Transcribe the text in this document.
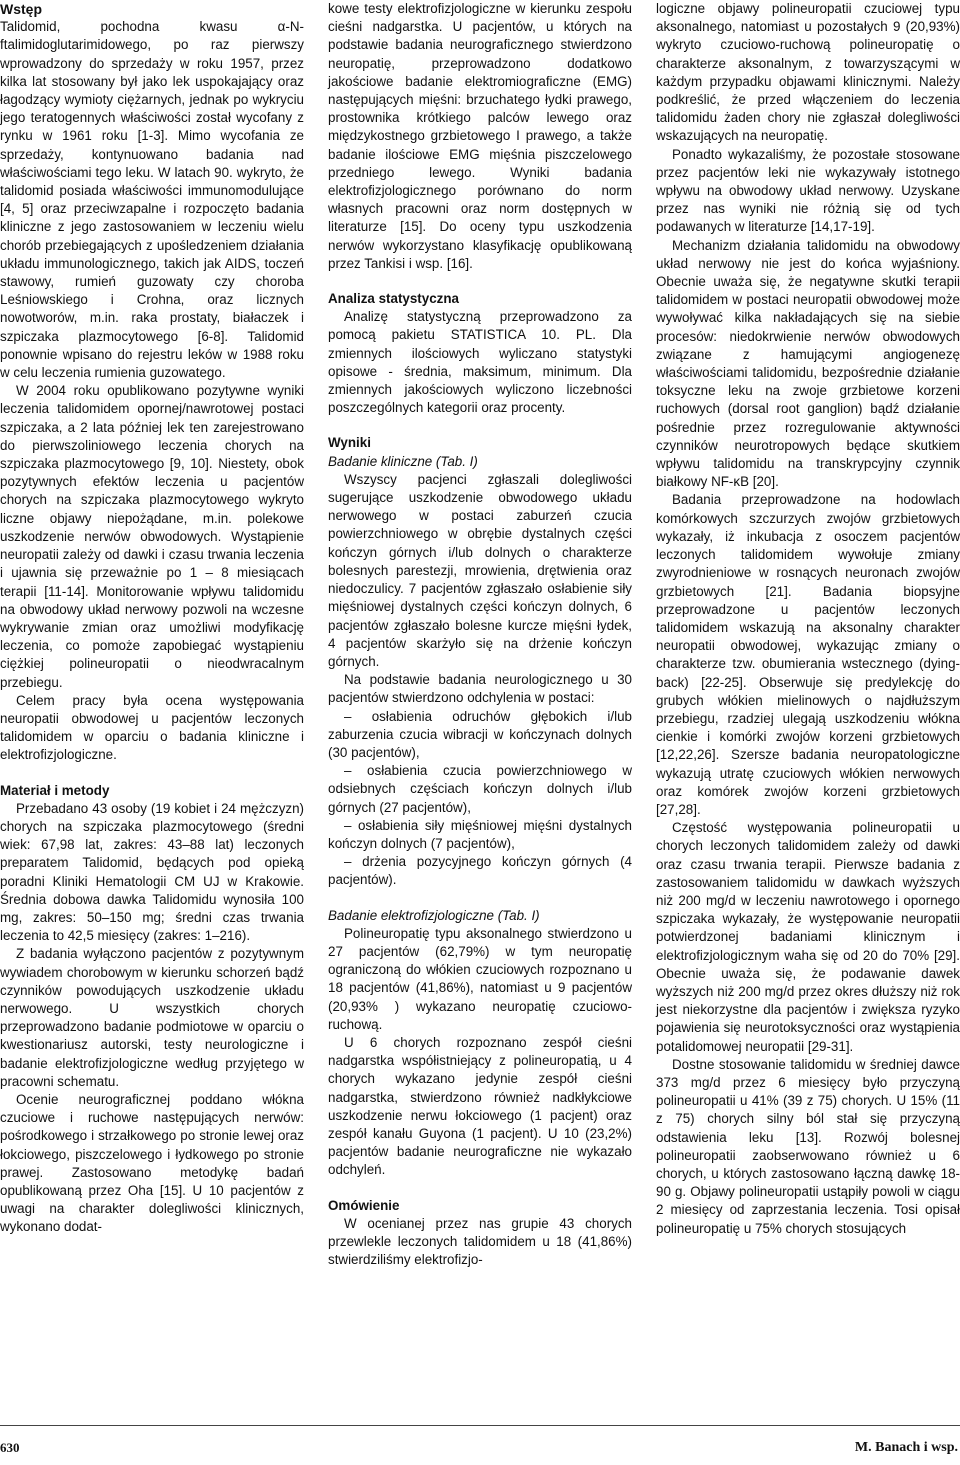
Wstęp

Talidomid, pochodna kwasu α-N-ftalimidoglutarimidowego, po raz pierwszy wprowadzony do sprzedaży w roku 1957, przez kilka lat stosowany był jako lek uspokajający oraz łagodzący wymioty ciężarnych, jednak po wykryciu jego teratogennych właściwości został wycofany z rynku w 1961 roku [1-3]. Mimo wycofania ze sprzedaży, kontynuowano badania nad właściwościami tego leku. W latach 90. wykryto, że talidomid posiada właściwości immunomodulujące [4, 5] oraz przeciwzapalne i rozpoczęto badania kliniczne z jego zastosowaniem w leczeniu wielu chorób przebiegających z upośledzeniem działania układu immunologicznego, takich jak AIDS, toczeń stawowy, rumień guzowaty czy choroba Leśniowskiego i Crohna, oraz licznych nowotworów, m.in. raka prostaty, białaczek i szpiczaka plazmocytowego [6-8]. Talidomid ponownie wpisano do rejestru leków w 1988 roku w celu leczenia rumienia guzowatego.

W 2004 roku opublikowano pozytywne wyniki leczenia talidomidem opornej/nawrotowej postaci szpiczaka, a 2 lata później lek ten zarejestrowano do pierwszoliniowego leczenia chorych na szpiczaka plazmocytowego [9, 10]. Niestety, obok pozytywnych efektów leczenia u pacjentów chorych na szpiczaka plazmocytowego wykryto liczne objawy niepożądane, m.in. polekowe uszkodzenie nerwów obwodowych. Wystąpienie neuropatii zależy od dawki i czasu trwania leczenia i ujawnia się przeważnie po 1 – 8 miesiącach terapii [11-14]. Monitorowanie wpływu talidomidu na obwodowy układ nerwowy pozwoli na wczesne wykrywanie zmian oraz umożliwi modyfikację leczenia, co pomoże zapobiegać wystąpieniu ciężkiej polineuropatii o nieodwracalnym przebiegu.

Celem pracy była ocena występowania neuropatii obwodowej u pacjentów leczonych talidomidem w oparciu o badania kliniczne i elektrofizjologiczne.

Materiał i metody

Przebadano 43 osoby (19 kobiet i 24 mężczyzn) chorych na szpiczaka plazmocytowego (średni wiek: 67,98 lat, zakres: 43–88 lat) leczonych preparatem Talidomid, będących pod opieką poradni Kliniki Hematologii CM UJ w Krakowie. Średnia dobowa dawka Talidomidu wynosiła 100 mg, zakres: 50–150 mg; średni czas trwania leczenia to 42,5 miesięcy (zakres: 1–216).

Z badania wyłączono pacjentów z pozytywnym wywiadem chorobowym w kierunku schorzeń bądź czynników powodujących uszkodzenie układu nerwowego. U wszystkich chorych przeprowadzono badanie podmiotowe w oparciu o kwestionariusz autorski, testy neurologiczne i badanie elektrofizjologiczne według przyjętego w pracowni schematu.

Ocenie neurograficznej poddano włókna czuciowe i ruchowe następujących nerwów: pośrodkowego i strzałkowego po stronie lewej oraz łokciowego, piszczelowego i łydkowego po stronie prawej. Zastosowano metodykę badań opublikowaną przez Oha [15]. U 10 pacjentów z uwagi na charakter dolegliwości klinicznych, wykonano dodat-

kowe testy elektrofizjologiczne w kierunku zespołu cieśni nadgarstka. U pacjentów, u których na podstawie badania neurograficznego stwierdzono neuropatię, przeprowadzono dodatkowo jakościowe badanie elektromiograficzne (EMG) następujących mięśni: brzuchatego łydki prawego, prostownika krótkiego palców lewego oraz międzykostnego grzbietowego I prawego, a także badanie ilościowe EMG mięśnia piszczelowego przedniego lewego. Wyniki badania elektrofizjologicznego porównano do norm własnych pracowni oraz norm dostępnych w literaturze [15]. Do oceny typu uszkodzenia nerwów wykorzystano klasyfikację opublikowaną przez Tankisi i wsp. [16].

Analiza statystyczna

Analizę statystyczną przeprowadzono za pomocą pakietu STATISTICA 10. PL. Dla zmiennych ilościowych wyliczano statystyki opisowe - średnia, maksimum, minimum. Dla zmiennych jakościowych wyliczono liczebności poszczególnych kategorii oraz procenty.

Wyniki
Badanie kliniczne (Tab. I)

Wszyscy pacjenci zgłaszali dolegliwości sugerujące uszkodzenie obwodowego układu nerwowego w postaci zaburzeń czucia powierzchniowego w obrębie dystalnych części kończyn górnych i/lub dolnych o charakterze bolesnych parestezji, mrowienia, drętwienia oraz niedoczulicy. 7 pacjentów zgłaszało osłabienie siły mięśniowej dystalnych części kończyn dolnych, 6 pacjentów zgłaszało bolesne kurcze mięśni łydek, 4 pacjentów skarżyło się na drżenie kończyn górnych.

Na podstawie badania neurologicznego u 30 pacjentów stwierdzono odchylenia w postaci:

– osłabienia odruchów głębokich i/lub zaburzenia czucia wibracji w kończynach dolnych (30 pacjentów),

– osłabienia czucia powierzchniowego w odsiebnych częściach kończyn dolnych i/lub górnych (27 pacjentów),

– osłabienia siły mięśniowej mięśni dystalnych kończyn dolnych (7 pacjentów),

– drżenia pozycyjnego kończyn górnych (4 pacjentów).

Badanie elektrofizjologiczne (Tab. I)

Polineuropatię typu aksonalnego stwierdzono u 27 pacjentów (62,79%) w tym neuropatię ograniczoną do włókien czuciowych rozpoznano u 18 pacjentów (41,86%), natomiast u 9 pacjentów (20,93% ) wykazano neuropatię czuciowo-ruchową.

U 6 chorych rozpoznano zespół cieśni nadgarstka współistniejący z polineuropatią, u 4 chorych wykazano jedynie zespół cieśni nadgarstka, stwierdzono również nadkłykciowe uszkodzenie nerwu łokciowego (1 pacjent) oraz zespół kanału Guyona (1 pacjent). U 10 (23,2%) pacjentów badanie neurograficzne nie wykazało odchyleń.

Omówienie

W ocenianej przez nas grupie 43 chorych przewlekle leczonych talidomidem u 18 (41,86%) stwierdziliśmy elektrofizjo-

logiczne objawy polineuropatii czuciowej typu aksonalnego, natomiast u pozostałych 9 (20,93%) wykryto czuciowo-ruchową polineuropatię o charakterze aksonalnym, z towarzyszącymi w każdym przypadku objawami klinicznymi. Należy podkreślić, że przed włączeniem do leczenia talidomidu żaden chory nie zgłaszał dolegliwości wskazujących na neuropatię.

Ponadto wykazaliśmy, że pozostałe stosowane przez pacjentów leki nie wykazywały istotnego wpływu na obwodowy układ nerwowy. Uzyskane przez nas wyniki nie różnią się od tych podawanych w literaturze [14,17-19].

Mechanizm działania talidomidu na obwodowy układ nerwowy nie jest do końca wyjaśniony. Obecnie uważa się, że negatywne skutki terapii talidomidem w postaci neuropatii obwodowej może wywoływać kilka nakładających się na siebie procesów: niedokrwienie nerwów obwodowych związane z hamującymi angiogenezę właściwościami talidomidu, bezpośrednie działanie toksyczne leku na zwoje grzbietowe korzeni ruchowych (dorsal root ganglion) bądź działanie pośrednie przez rozregulowanie aktywności czynników neurotropowych będące skutkiem wpływu talidomidu na transkrypcyjny czynnik białkowy NF-κB [20].

Badania przeprowadzone na hodowlach komórkowych szczurzych zwojów grzbietowych wykazały, iż inkubacja z osoczem pacjentów leczonych talidomidem wywołuje zmiany zwyrodnieniowe w rosnących neuronach zwojów grzbietowych [21]. Badania biopsyjne przeprowadzone u pacjentów leczonych talidomidem wskazują na aksonalny charakter neuropatii obwodowej, wykazując zmiany o charakterze tzw. obumierania wstecznego (dying-back) [22-25]. Obserwuje się predylekcję do grubych włókien mielinowych o najdłuższym przebiegu, rzadziej ulegają uszkodzeniu włókna cienkie i komórki zwojów korzeni grzbietowych [12,22,26]. Szersze badania neuropatologiczne wykazują utratę czuciowych włókien nerwowych oraz komórek zwojów korzeni grzbietowych [27,28].

Częstość występowania polineuropatii u chorych leczonych talidomidem zależy od dawki oraz czasu trwania terapii. Pierwsze badania z zastosowaniem talidomidu w dawkach wyższych niż 200 mg/d w leczeniu nawrotowego i opornego szpiczaka wykazały, że występowanie neuropatii potwierdzonej badaniami klinicznym i elektrofizjologicznym waha się od 20 do 70% [29]. Obecnie uważa się, że podawanie dawek wyższych niż 200 mg/d przez okres dłuższy niż rok jest niekorzystne dla pacjentów i zwiększa ryzyko pojawienia się neurotoksyczności oraz wystąpienia potalidomowej neuropatii [29-31].

Dostne stosowanie talidomidu w średniej dawce 373 mg/d przez 6 miesięcy było przyczyną polineuropatii u 41% (39 z 75) chorych. U 15% (11 z 75) chorych silny ból stał się przyczyną odstawienia leku [13]. Rozwój bolesnej polineuropatii zaobserwowano również u 6 chorych, u których zastosowano łączną dawkę 18-90 g. Objawy polineuropatii ustąpiły powoli w ciągu 2 miesięcy od zaprzestania leczenia. Tosi opisał polineuropatię u 75% chorych stosujących

630	M. Banach i wsp.
